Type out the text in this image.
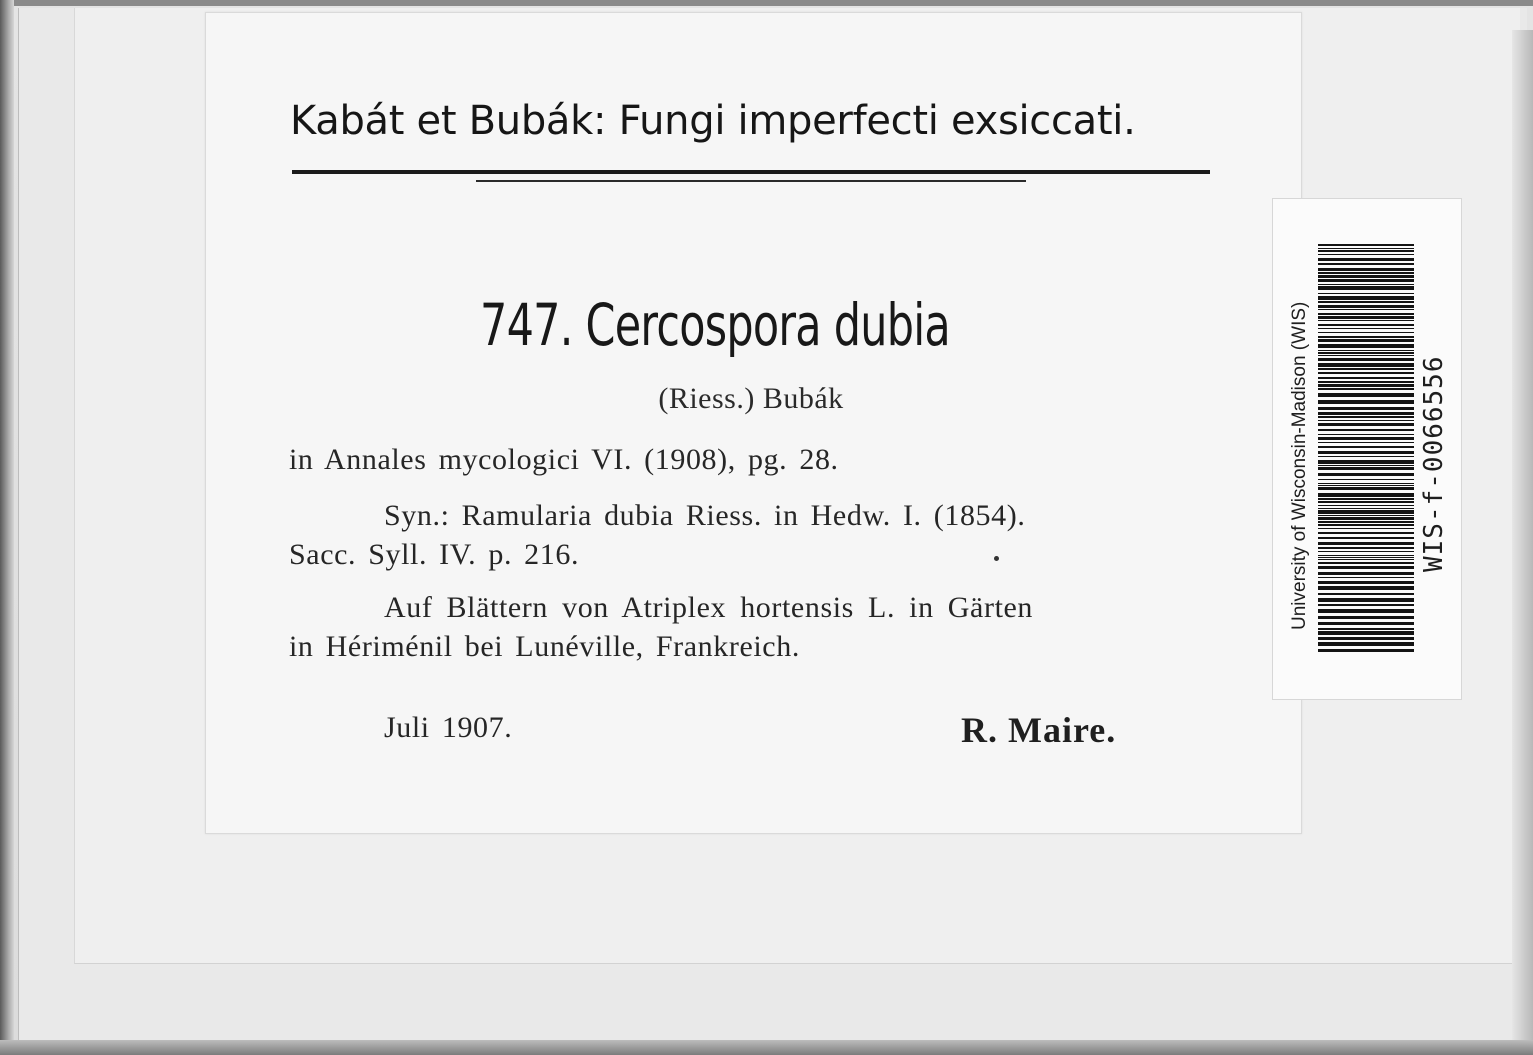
Kabát et Bubák: Fungi imperfecti exsiccati.
747. Cercospora dubia
(Riess.) Bubák
in Annales mycologici VI. (1908), pg. 28.
Syn.: Ramularia dubia Riess. in Hedw. I. (1854).
Sacc. Syll. IV. p. 216.
Auf Blättern von Atriplex hortensis L. in Gärten
in Hériménil bei Lunéville, Frankreich.
Juli 1907.	R. Maire.
University of Wisconsin-Madison (WIS)	WIS-f-0066556
